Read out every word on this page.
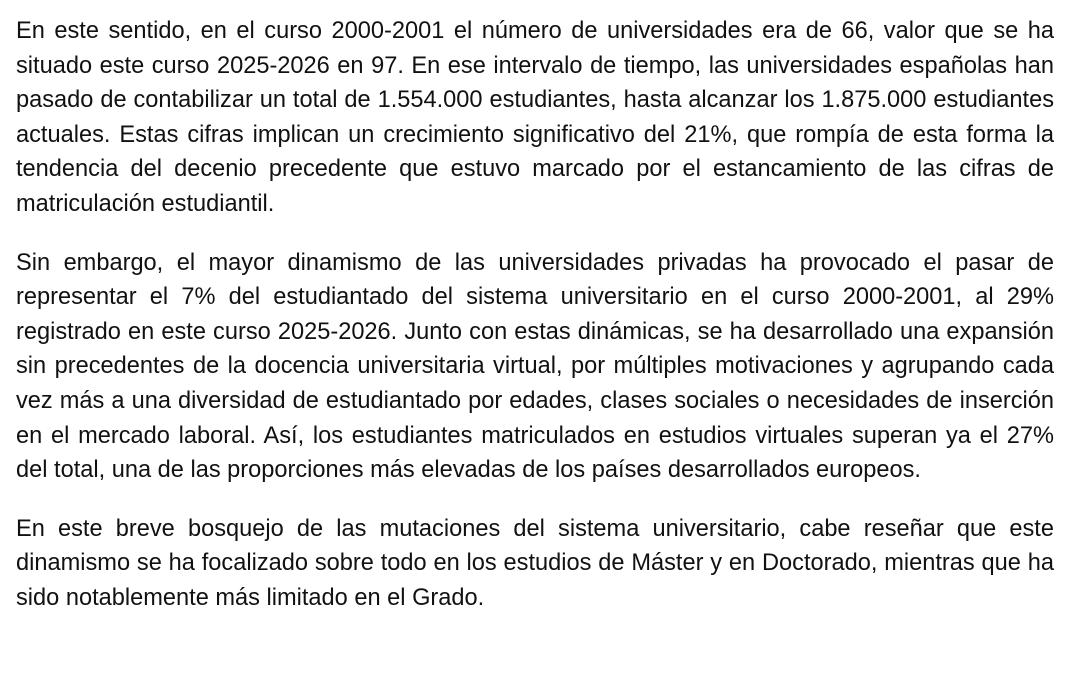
En este sentido, en el curso 2000-2001 el número de universidades era de 66, valor que se ha situado este curso 2025-2026 en 97. En ese intervalo de tiempo, las universidades españolas han pasado de contabilizar un total de 1.554.000 estudiantes, hasta alcanzar los 1.875.000 estudiantes actuales. Estas cifras implican un crecimiento significativo del 21%, que rompía de esta forma la tendencia del decenio precedente que estuvo marcado por el estancamiento de las cifras de matriculación estudiantil.

Sin embargo, el mayor dinamismo de las universidades privadas ha provocado el pasar de representar el 7% del estudiantado del sistema universitario en el curso 2000-2001, al 29% registrado en este curso 2025-2026. Junto con estas dinámicas, se ha desarrollado una expansión sin precedentes de la docencia universitaria virtual, por múltiples motivaciones y agrupando cada vez más a una diversidad de estudiantado por edades, clases sociales o necesidades de inserción en el mercado laboral. Así, los estudiantes matriculados en estudios virtuales superan ya el 27% del total, una de las proporciones más elevadas de los países desarrollados europeos.

En este breve bosquejo de las mutaciones del sistema universitario, cabe reseñar que este dinamismo se ha focalizado sobre todo en los estudios de Máster y en Doctorado, mientras que ha sido notablemente más limitado en el Grado.
